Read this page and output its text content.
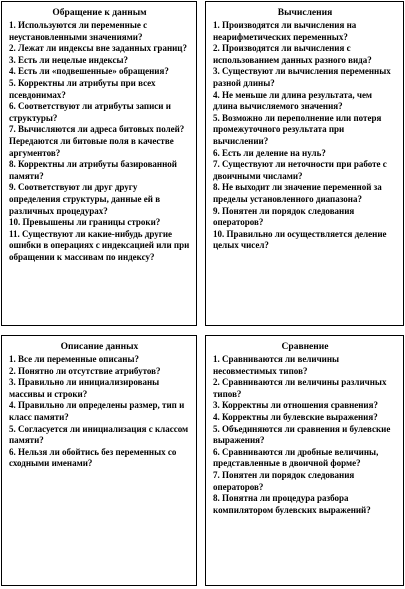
Обращение к данным
1. Используются ли переменные с неустановленными значениями?
2. Лежат ли индексы вне заданных границ?
3. Есть ли нецелые индексы?
4. Есть ли «подвешенные» обращения?
5. Корректны ли атрибуты при всех псевдонимах?
6. Соответствуют ли атрибуты записи и структуры?
7. Вычисляются ли адреса битовых полей? Передаются ли битовые поля в качестве аргументов?
8. Корректны ли атрибуты базированной памяти?
9. Соответствуют ли друг другу определения структуры, данные ей в различных процедурах?
10. Превышены ли границы строки?
11. Существуют ли какие-нибудь другие ошибки в операциях с индексацией или при обращении к массивам по индексу?
Вычисления
1. Производятся ли вычисления на неарифметических переменных?
2. Производятся ли вычисления с использованием данных разного вида?
3. Существуют ли вычисления переменных разной длины?
4. Не меньше ли длина результата, чем длина вычисляемого значения?
5. Возможно ли переполнение или потеря промежуточного результата при вычислении?
6. Есть ли деление на нуль?
7. Существуют ли неточности при работе с двоичными числами?
8. Не выходит ли значение переменной за пределы установленного диапазона?
9. Понятен ли порядок следования операторов?
10. Правильно ли осуществляется деление целых чисел?
Описание данных
1. Все ли переменные описаны?
2. Понятно ли отсутствие атрибутов?
3. Правильно ли инициализированы массивы и строки?
4. Правильно ли определены размер, тип и класс памяти?
5. Согласуется ли инициализация с классом памяти?
6. Нельзя ли обойтись без переменных со сходными именами?
Сравнение
1. Сравниваются ли величины несовместимых типов?
2. Сравниваются ли величины различных типов?
3. Корректны ли отношения сравнения?
4. Корректны ли булевские выражения?
5. Объединяются ли сравнения и булевские выражения?
6. Сравниваются ли дробные величины, представленные в двоичной форме?
7. Понятен ли порядок следования операторов?
8. Понятна ли процедура разбора компилятором булевских выражений?
